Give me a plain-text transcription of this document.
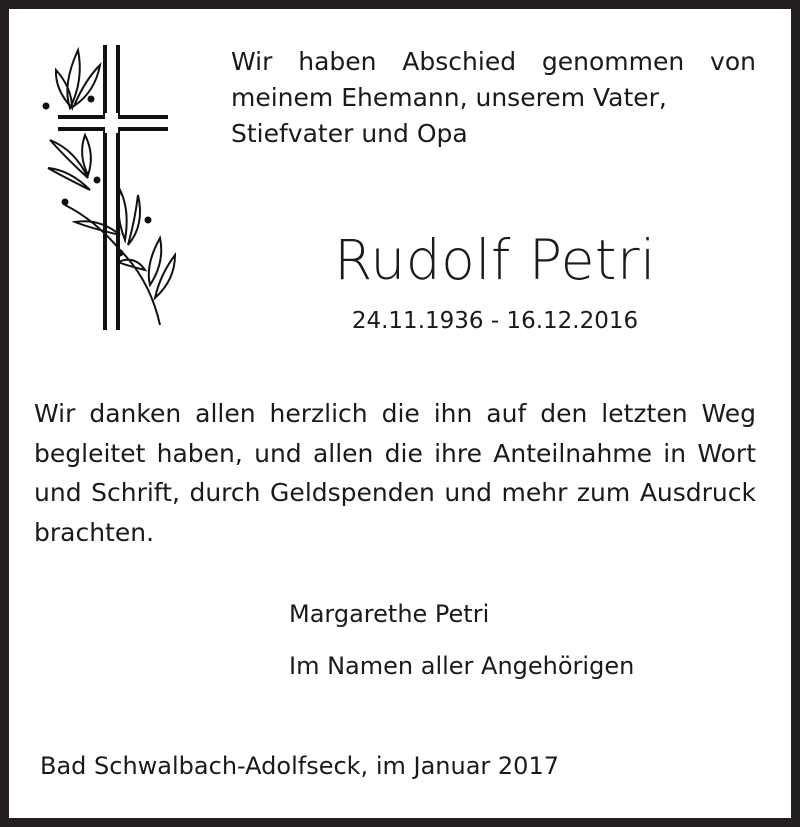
Wir haben Abschied genommen von
meinem Ehemann, unserem Vater,
Stiefvater und Opa
Rudolf Petri
24.11.1936 - 16.12.2016
Wir danken allen herzlich die ihn auf den letzten Weg begleitet haben, und allen die ihre Anteilnahme in Wort und Schrift, durch Geldspenden und mehr zum Ausdruck brachten.
Margarethe Petri
Im Namen aller Angehörigen
Bad Schwalbach-Adolfseck, im Januar 2017
